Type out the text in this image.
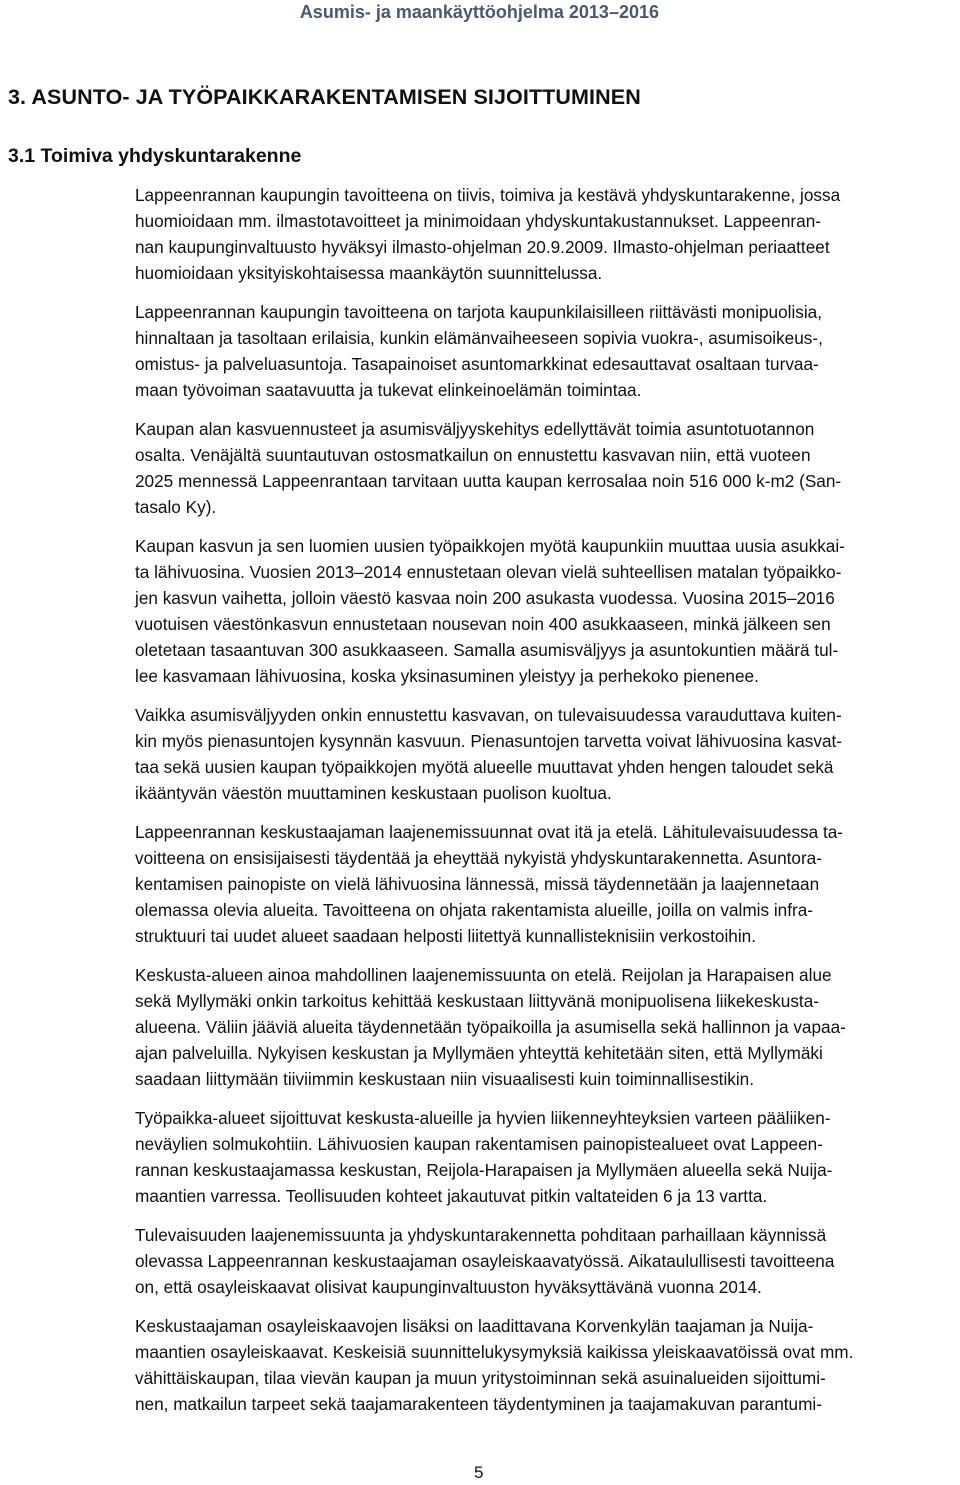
Asumis- ja maankäyttöohjelma 2013–2016
3. ASUNTO- JA TYÖPAIKKARAKENTAMISEN SIJOITTUMINEN
3.1 Toimiva yhdyskuntarakenne

Lappeenrannan kaupungin tavoitteena on tiivis, toimiva ja kestävä yhdyskuntarakenne, jossa
huomioidaan mm. ilmastotavoitteet ja minimoidaan yhdyskuntakustannukset. Lappeenran-
nan kaupunginvaltuusto hyväksyi ilmasto-ohjelman 20.9.2009. Ilmasto-ohjelman periaatteet
huomioidaan yksityiskohtaisessa maankäytön suunnittelussa.

Lappeenrannan kaupungin tavoitteena on tarjota kaupunkilaisilleen riittävästi monipuolisia,
hinnaltaan ja tasoltaan erilaisia, kunkin elämänvaiheeseen sopivia vuokra-, asumisoikeus-,
omistus- ja palveluasuntoja. Tasapainoiset asuntomarkkinat edesauttavat osaltaan turvaa-
maan työvoiman saatavuutta ja tukevat elinkeinoelämän toimintaa.

Kaupan alan kasvuennusteet ja asumisväljyyskehitys edellyttävät toimia asuntotuotannon
osalta. Venäjältä suuntautuvan ostosmatkailun on ennustettu kasvavan niin, että vuoteen
2025 mennessä Lappeenrantaan tarvitaan uutta kaupan kerrosalaa noin 516 000 k-m2 (San-
tasalo Ky).

Kaupan kasvun ja sen luomien uusien työpaikkojen myötä kaupunkiin muuttaa uusia asukkai-
ta lähivuosina. Vuosien 2013–2014 ennustetaan olevan vielä suhteellisen matalan työpaikko-
jen kasvun vaihetta, jolloin väestö kasvaa noin 200 asukasta vuodessa. Vuosina 2015–2016
vuotuisen väestönkasvun ennustetaan nousevan noin 400 asukkaaseen, minkä jälkeen sen
oletetaan tasaantuvan 300 asukkaaseen. Samalla asumisväljyys ja asuntokuntien määrä tul-
lee kasvamaan lähivuosina, koska yksinasuminen yleistyy ja perhekoko pienenee.

Vaikka asumisväljyyden onkin ennustettu kasvavan, on tulevaisuudessa varauduttava kuiten-
kin myös pienasuntojen kysynnän kasvuun. Pienasuntojen tarvetta voivat lähivuosina kasvat-
taa sekä uusien kaupan työpaikkojen myötä alueelle muuttavat yhden hengen taloudet sekä
ikääntyvän väestön muuttaminen keskustaan puolison kuoltua.

Lappeenrannan keskustaajaman laajenemissuunnat ovat itä ja etelä. Lähitulevaisuudessa ta-
voitteena on ensisijaisesti täydentää ja eheyttää nykyistä yhdyskuntarakennetta. Asuntora-
kentamisen painopiste on vielä lähivuosina lännessä, missä täydennetään ja laajennetaan
olemassa olevia alueita. Tavoitteena on ohjata rakentamista alueille, joilla on valmis infra-
struktuuri tai uudet alueet saadaan helposti liitettyä kunnallisteknisiin verkostoihin.

Keskusta-alueen ainoa mahdollinen laajenemissuunta on etelä. Reijolan ja Harapaisen alue
sekä Myllymäki onkin tarkoitus kehittää keskustaan liittyvänä monipuolisena liikekeskusta-
alueena. Väliin jääviä alueita täydennetään työpaikoilla ja asumisella sekä hallinnon ja vapaa-
ajan palveluilla. Nykyisen keskustan ja Myllymäen yhteyttä kehitetään siten, että Myllymäki
saadaan liittymään tiiviimmin keskustaan niin visuaalisesti kuin toiminnallisestikin.

Työpaikka-alueet sijoittuvat keskusta-alueille ja hyvien liikenneyhteyksien varteen pääliiken-
neväylien solmukohtiin. Lähivuosien kaupan rakentamisen painopistealueet ovat Lappeen-
rannan keskustaajamassa keskustan, Reijola-Harapaisen ja Myllymäen alueella sekä Nuija-
maantien varressa. Teollisuuden kohteet jakautuvat pitkin valtateiden 6 ja 13 vartta.

Tulevaisuuden laajenemissuunta ja yhdyskuntarakennetta pohditaan parhaillaan käynnissä
olevassa Lappeenrannan keskustaajaman osayleiskaavatyössä. Aikataulullisesti tavoitteena
on, että osayleiskaavat olisivat kaupunginvaltuuston hyväksyttävänä vuonna 2014.

Keskustaajaman osayleiskaavojen lisäksi on laadittavana Korvenkylän taajaman ja Nuija-
maantien osayleiskaavat. Keskeisiä suunnittelukysymyksiä kaikissa yleiskaavatöissä ovat mm.
vähittäiskaupan, tilaa vievän kaupan ja muun yritystoiminnan sekä asuinalueiden sijoittumi-
nen, matkailun tarpeet sekä taajamarakenteen täydentyminen ja taajamakuvan parantumi-

5
